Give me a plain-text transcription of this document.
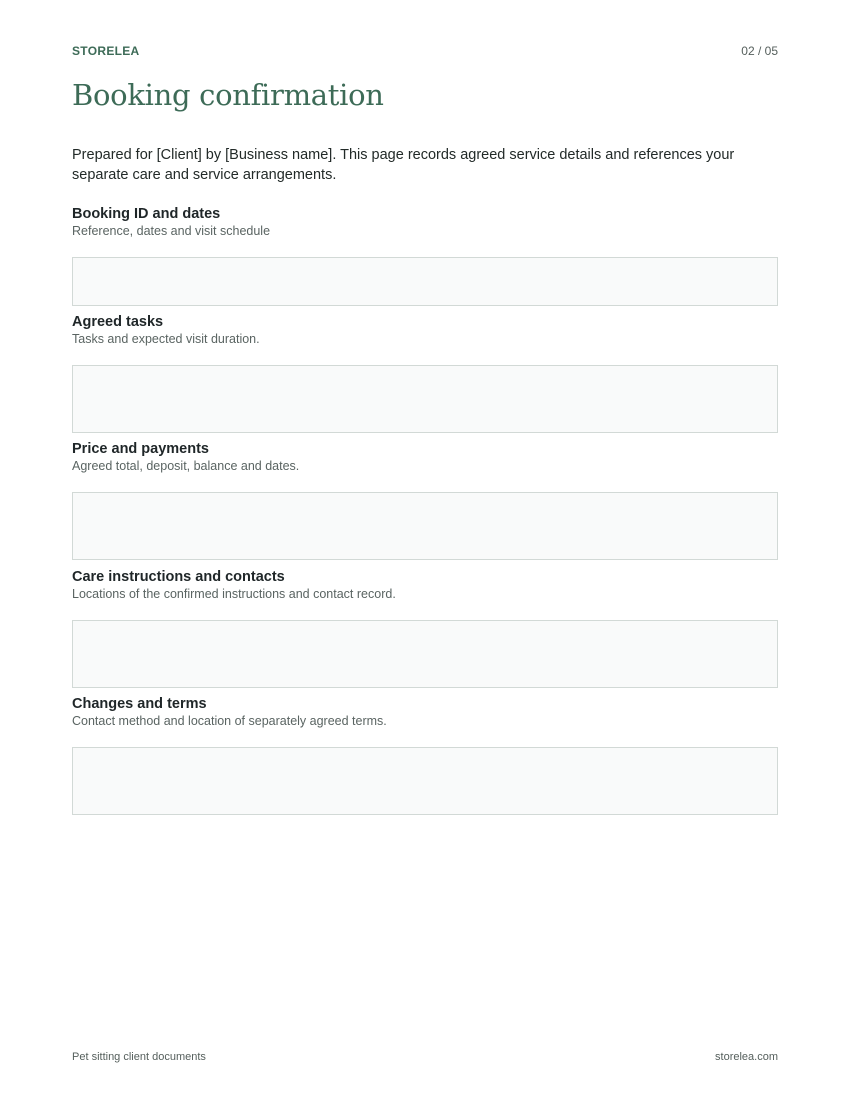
STORELEA	02 / 05
Booking confirmation

Prepared for [Client] by [Business name]. This page records agreed service details and references your separate care and service arrangements.

Booking ID and dates
Reference, dates and visit schedule
Agreed tasks
Tasks and expected visit duration.
Price and payments
Agreed total, deposit, balance and dates.
Care instructions and contacts
Locations of the confirmed instructions and contact record.
Changes and terms
Contact method and location of separately agreed terms.
Pet sitting client documents	storelea.com
